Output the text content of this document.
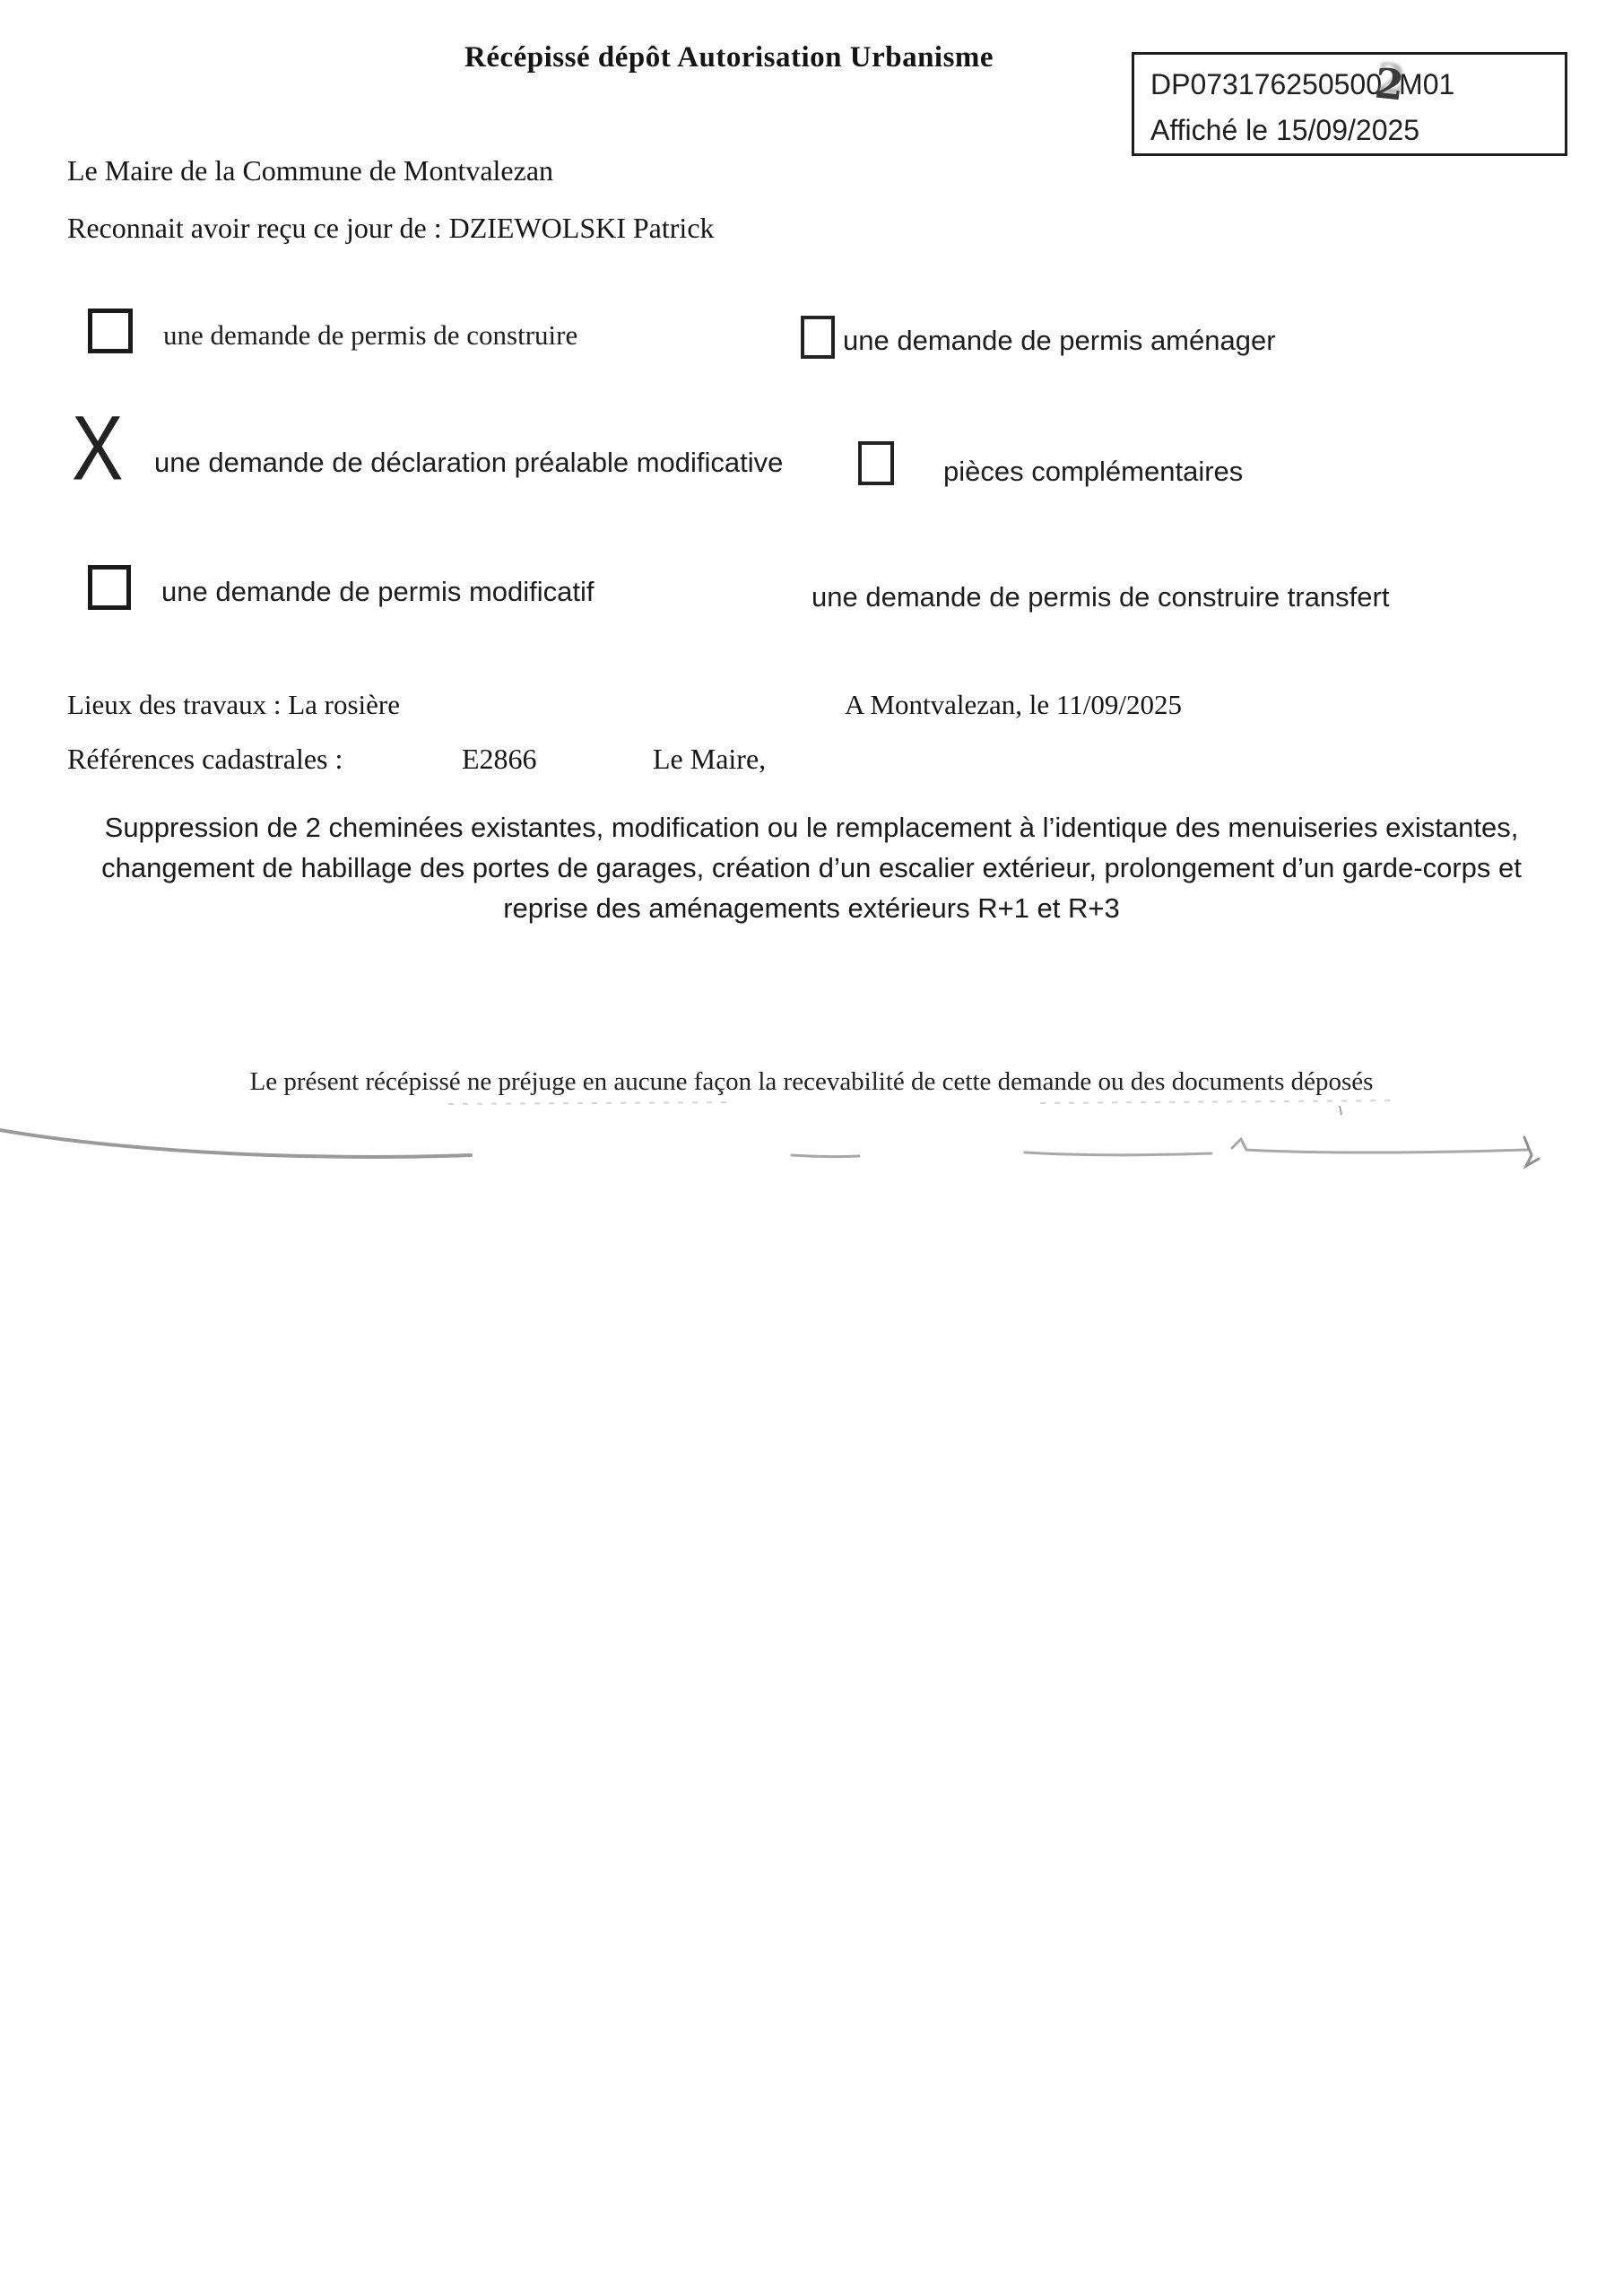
Récépissé dépôt Autorisation Urbanisme
DP0731762505002M01
Affiché le 15/09/2025
Le Maire de la Commune de Montvalezan
Reconnait avoir reçu ce jour de : DZIEWOLSKI Patrick
une demande de permis de construire	une demande de permis aménager
X une demande de déclaration préalable modificative	pièces complémentaires
une demande de permis modificatif	une demande de permis de construire transfert
Lieux des travaux : La rosière	A Montvalezan, le 11/09/2025
Références cadastrales :	E2866	Le Maire,
Suppression de 2 cheminées existantes, modification ou le remplacement à l’identique des menuiseries existantes,
changement de habillage des portes de garages, création d’un escalier extérieur, prolongement d’un garde-corps et
reprise des aménagements extérieurs R+1 et R+3
Le présent récépissé ne préjuge en aucune façon la recevabilité de cette demande ou des documents déposés
